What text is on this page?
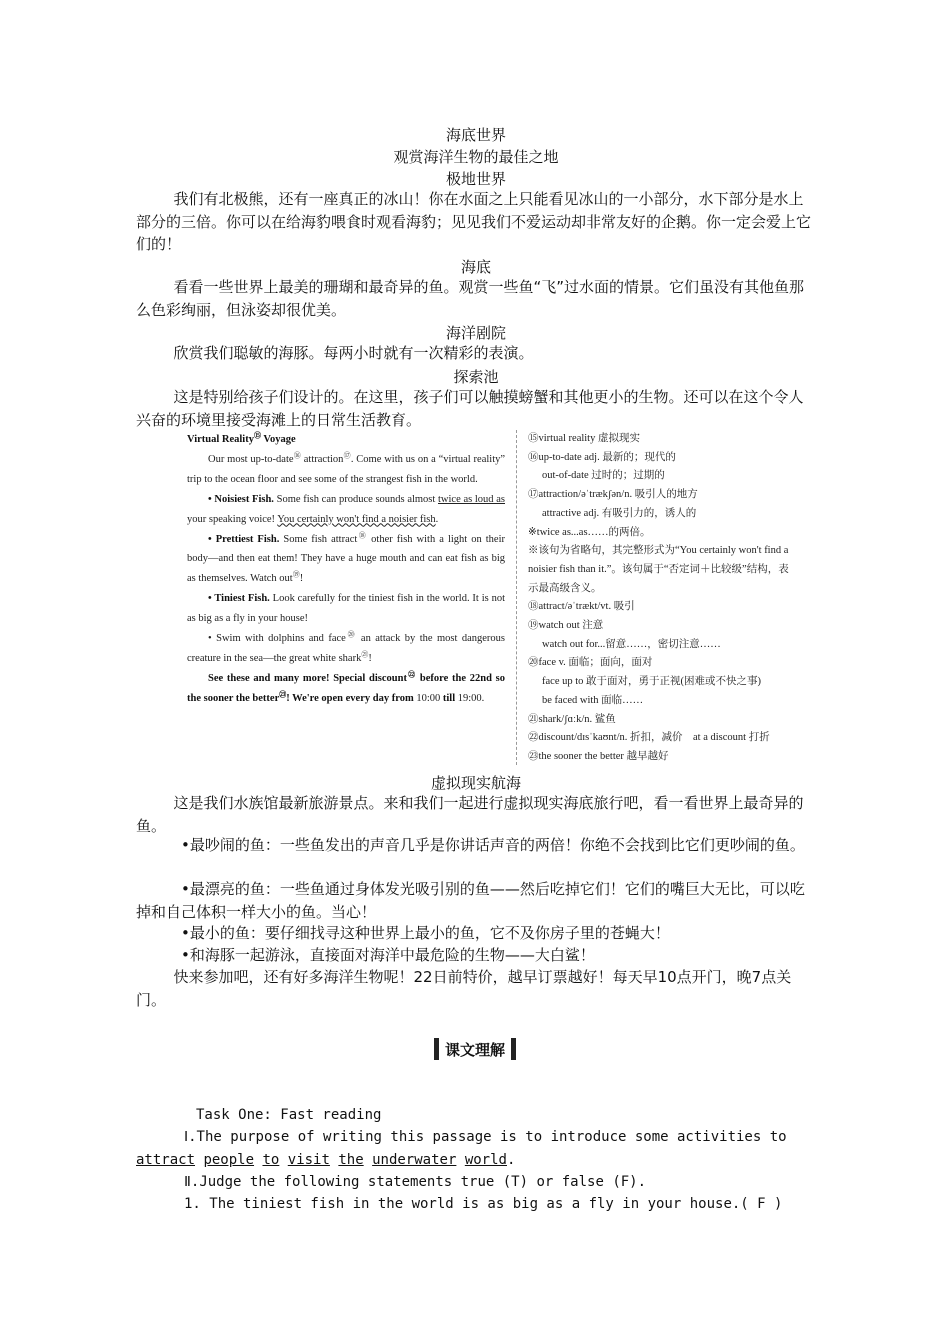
海底世界
观赏海洋生物的最佳之地
极地世界
我们有北极熊，还有一座真正的冰山！你在水面之上只能看见冰山的一小部分，水下部分是水上部分的三倍。你可以在给海豹喂食时观看海豹；见见我们不爱运动却非常友好的企鹅。你一定会爱上它们的！
海底
看看一些世界上最美的珊瑚和最奇异的鱼。观赏一些鱼“飞”过水面的情景。它们虽没有其他鱼那么色彩绚丽，但泳姿却很优美。
海洋剧院
欣赏我们聪敏的海豚。每两小时就有一次精彩的表演。
探索池
这是特别给孩子们设计的。在这里，孩子们可以触摸螃蟹和其他更小的生物。还可以在这个令人兴奋的环境里接受海滩上的日常生活教育。
Virtual Reality⑮ Voyage
Our most up-to-date⑯ attraction⑰. Come with us on a “virtual reality” trip to the ocean floor and see some of the strangest fish in the world.
• Noisiest Fish. Some fish can produce sounds almost twice as loud as your speaking voice! You certainly won't find a noisier fish.
• Prettiest Fish. Some fish attract⑱ other fish with a light on their body—and then eat them! They have a huge mouth and can eat fish as big as themselves. Watch out⑲!
• Tiniest Fish. Look carefully for the tiniest fish in the world. It is not as big as a fly in your house!
• Swim with dolphins and face⑳ an attack by the most dangerous creature in the sea—the great white shark$^㉑$!
See these and many more! Special discount$^㉒$ before the 22nd so the sooner the better$^㉓$! We're open every day from 10:00 till 19:00.
⑮virtual reality 虚拟现实
⑯up-to-date adj. 最新的；现代的
out-of-date 过时的；过期的
⑰attraction/əˈtrækʃən/n. 吸引人的地方
attractive adj. 有吸引力的，诱人的
※twice as...as……的两倍。
※该句为省略句，其完整形式为“You certainly won't find a
noisier fish than it.”。该句属于“否定词＋比较级”结构，表
示最高级含义。
⑱attract/əˈtrækt/vt. 吸引
⑲watch out 注意
watch out for...留意……，密切注意……
⑳face v. 面临；面向，面对
face up to 敢于面对，勇于正视(困难或不快之事)
be faced with 面临……
㉑shark/ʃɑːk/n. 鲨鱼
㉒discount/dɪsˈkaʊnt/n. 折扣，减价　at a discount 打折
㉓the sooner the better 越早越好
虚拟现实航海
这是我们水族馆最新旅游景点。来和我们一起进行虚拟现实海底旅行吧，看一看世界上最奇异的鱼。
•最吵闹的鱼：一些鱼发出的声音几乎是你讲话声音的两倍！你绝不会找到比它们更吵闹的鱼。
•最漂亮的鱼：一些鱼通过身体发光吸引别的鱼——然后吃掉它们！它们的嘴巨大无比，可以吃掉和自己体积一样大小的鱼。当心！
•最小的鱼：要仔细找寻这种世界上最小的鱼，它不及你房子里的苍蝇大！
•和海豚一起游泳，直接面对海洋中最危险的生物——大白鲨！
快来参加吧，还有好多海洋生物呢！22日前特价，越早订票越好！每天早10点开门，晚7点关门。
课文理解
Task One: Fast reading
Ⅰ.The purpose of writing this passage is to introduce some activities to
attract people to visit the underwater world.
Ⅱ.Judge the following statements true (T) or false (F).
1. The tiniest fish in the world is as big as a fly in your house.( F )
